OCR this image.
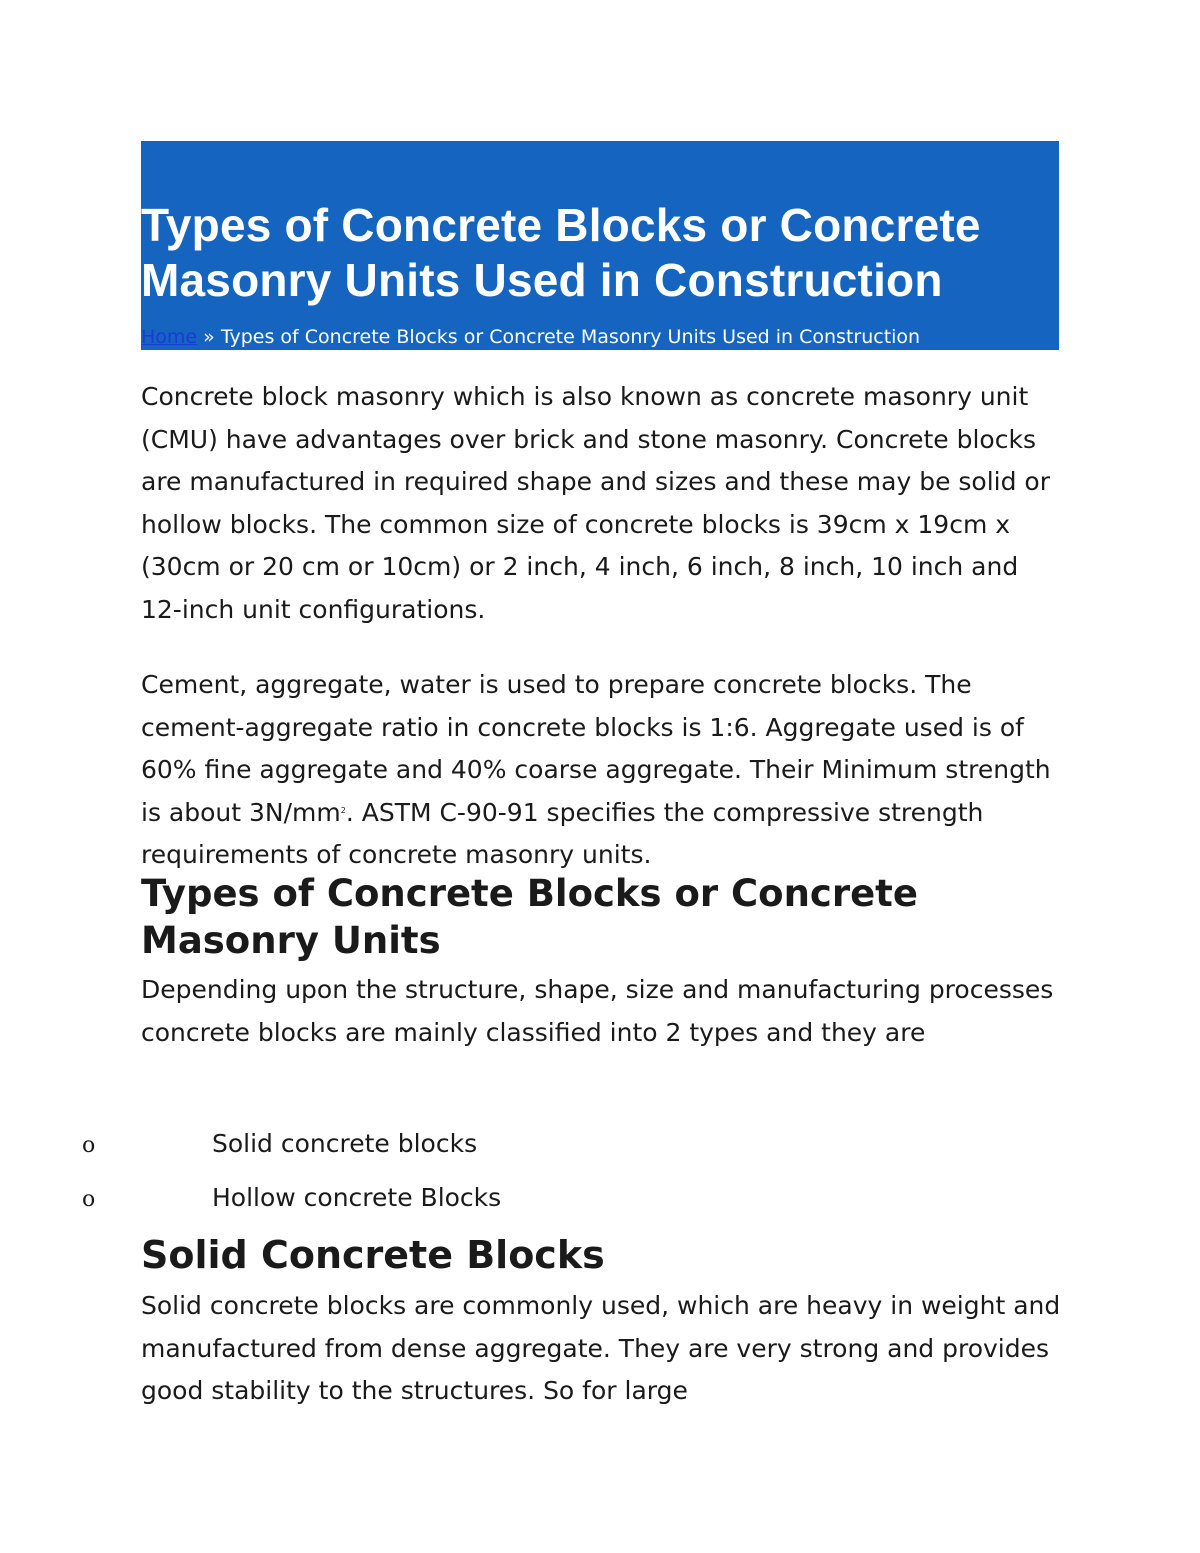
Types of Concrete Blocks or Concrete Masonry Units Used in Construction

Home » Types of Concrete Blocks or Concrete Masonry Units Used in Construction

Concrete block masonry which is also known as concrete masonry unit (CMU) have advantages over brick and stone masonry. Concrete blocks are manufactured in required shape and sizes and these may be solid or hollow blocks. The common size of concrete blocks is 39cm x 19cm x (30cm or 20 cm or 10cm) or 2 inch, 4 inch, 6 inch, 8 inch, 10 inch and 12-inch unit configurations.

Cement, aggregate, water is used to prepare concrete blocks. The cement-aggregate ratio in concrete blocks is 1:6. Aggregate used is of 60% fine aggregate and 40% coarse aggregate. Their Minimum strength is about $3N/mm^2$. ASTM C-90-91 specifies the compressive strength requirements of concrete masonry units.

Types of Concrete Blocks or Concrete Masonry Units

Depending upon the structure, shape, size and manufacturing processes concrete blocks are mainly classified into 2 types and they are

o	Solid concrete blocks
o	Hollow concrete Blocks
Solid Concrete Blocks

Solid concrete blocks are commonly used, which are heavy in weight and manufactured from dense aggregate. They are very strong and provides good stability to the structures. So for large
